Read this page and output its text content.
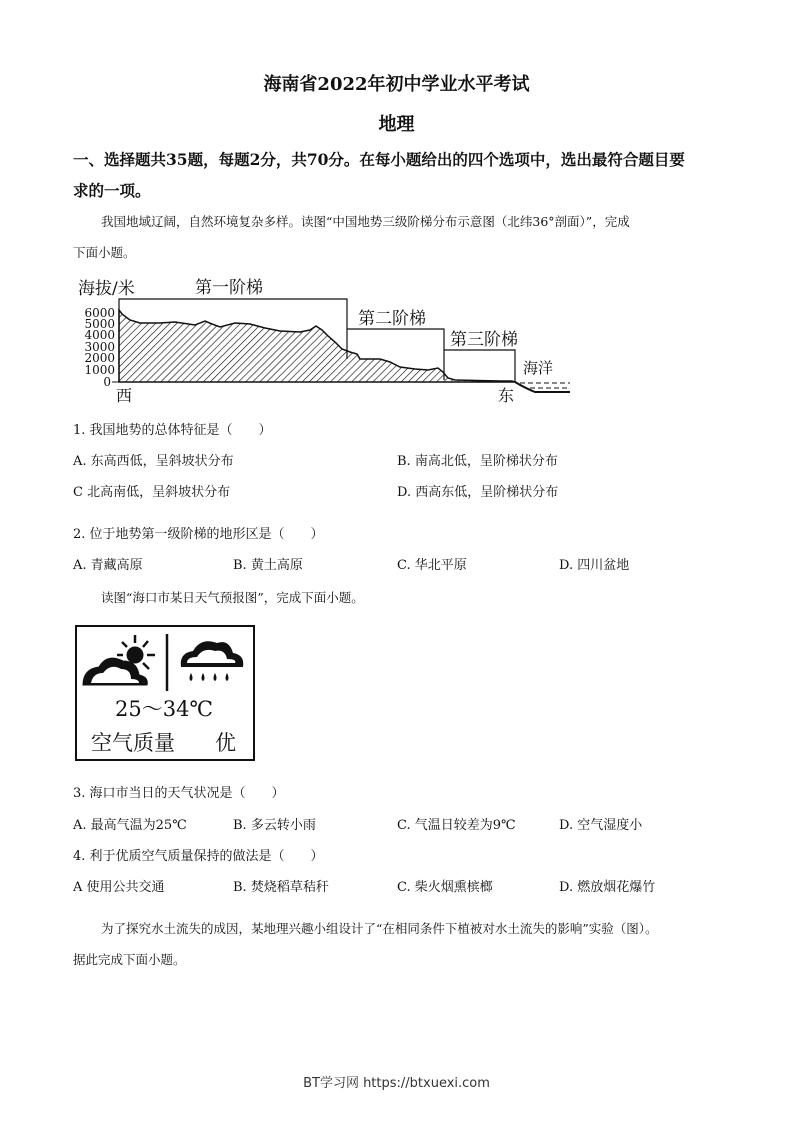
海南省2022年初中学业水平考试
地理
一、选择题共35题，每题2分，共70分。在每小题给出的四个选项中，选出最符合题目要
求的一项。
我国地域辽阔，自然环境复杂多样。读图“中国地势三级阶梯分布示意图（北纬36°剖面）”，完成
下面小题。
海拔/米	第一阶梯
第二阶梯
第三阶梯
海洋
西	东
6000
5000
4000
3000
2000
1000
0
1. 我国地势的总体特征是（　　）
A. 东高西低，呈斜坡状分布	B. 南高北低，呈阶梯状分布
C 北高南低，呈斜坡状分布	D. 西高东低，呈阶梯状分布
2. 位于地势第一级阶梯的地形区是（　　）
A. 青藏高原	B. 黄土高原	C. 华北平原	D. 四川盆地
读图“海口市某日天气预报图”，完成下面小题。
25～34℃
空气质量 优
3. 海口市当日的天气状况是（　　）
A. 最高气温为25℃	B. 多云转小雨	C. 气温日较差为9℃	D. 空气湿度小
4. 利于优质空气质量保持的做法是（　　）
A 使用公共交通	B. 焚烧稻草秸秆	C. 柴火烟熏槟榔	D. 燃放烟花爆竹
为了探究水土流失的成因，某地理兴趣小组设计了“在相同条件下植被对水土流失的影响”实验（图）。
据此完成下面小题。
BT学习网 https://btxuexi.com
